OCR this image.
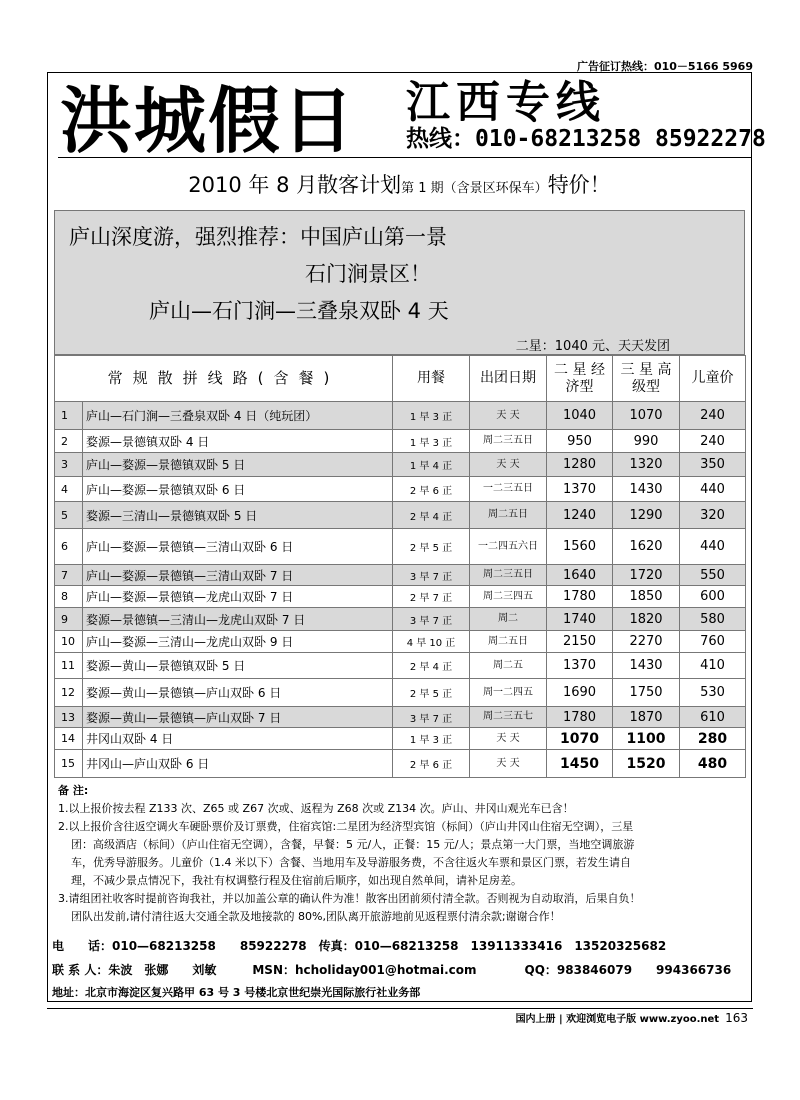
广告征订热线：010－5166 5969
洪城假日 江西专线
热线：010-68213258 85922278
2010 年 8 月散客计划第 1 期（含景区环保车）特价！
庐山深度游，强烈推荐：中国庐山第一景
石门涧景区！
庐山—石门涧—三叠泉双卧 4 天
二星：1040 元、天天发团
常规散拼线路(含餐)		用餐	出团日期	二 星 经济型	三 星 高级型	儿童价
1	庐山—石门涧—三叠泉双卧 4 日（纯玩团）	1 早 3 正	天 天	1040	1070	240
2	婺源—景德镇双卧 4 日	1 早 3 正	周二三五日	950	990	240
3	庐山—婺源—景德镇双卧 5 日	1 早 4 正	天 天	1280	1320	350
4	庐山—婺源—景德镇双卧 6 日	2 早 6 正	一二三五日	1370	1430	440
5	婺源—三清山—景德镇双卧 5 日	2 早 4 正	周二五日	1240	1290	320
6	庐山—婺源—景德镇—三清山双卧 6 日	2 早 5 正	一二四五六日	1560	1620	440
7	庐山—婺源—景德镇—三清山双卧 7 日	3 早 7 正	周二三五日	1640	1720	550
8	庐山—婺源—景德镇—龙虎山双卧 7 日	2 早 7 正	周二三四五	1780	1850	600
9	婺源—景德镇—三清山—龙虎山双卧 7 日	3 早 7 正	周二	1740	1820	580
10	庐山—婺源—三清山—龙虎山双卧 9 日	4 早 10 正	周二五日	2150	2270	760
11	婺源—黄山—景德镇双卧 5 日	2 早 4 正	周二五	1370	1430	410
12	婺源—黄山—景德镇—庐山双卧 6 日	2 早 5 正	周一二四五	1690	1750	530
13	婺源—黄山—景德镇—庐山双卧 7 日	3 早 7 正	周二三五七	1780	1870	610
14	井冈山双卧 4 日	1 早 3 正	天 天	1070	1100	280
15	井冈山—庐山双卧 6 日	2 早 6 正	天 天	1450	1520	480
备 注:
1.以上报价按去程 Z133 次、Z65 或 Z67 次或、返程为 Z68 次或 Z134 次。庐山、井冈山观光车已含！
2.以上报价含往返空调火车硬卧票价及订票费，住宿宾馆:二星团为经济型宾馆（标间）（庐山井冈山住宿无空调），三星
团：高级酒店（标间）（庐山住宿无空调），含餐，早餐：5 元/人，正餐：15 元/人；景点第一大门票，当地空调旅游
车，优秀导游服务。儿童价（1.4 米以下）含餐、当地用车及导游服务费，不含往返火车票和景区门票，若发生请自
理，不减少景点情况下，我社有权调整行程及住宿前后顺序，如出现自然单间，请补足房差。
3.请组团社收客时提前咨询我社，并以加盖公章的确认件为准！散客出团前须付清全款。否则视为自动取消，后果自负！
团队出发前,请付清往返大交通全款及地接款的 80%,团队离开旅游地前见返程票付清余款;谢谢合作！
电　　话：010—68213258　　85922278　传真：010—68213258　13911333416　13520325682
联 系 人：朱波　张娜　　刘敏　　　MSN：hcholiday001@hotmai.com　　　　QQ：983846079　　994366736
地址：北京市海淀区复兴路甲 63 号 3 号楼北京世纪崇光国际旅行社业务部
国内上册 | 欢迎浏览电子版 www.zyoo.net 163
